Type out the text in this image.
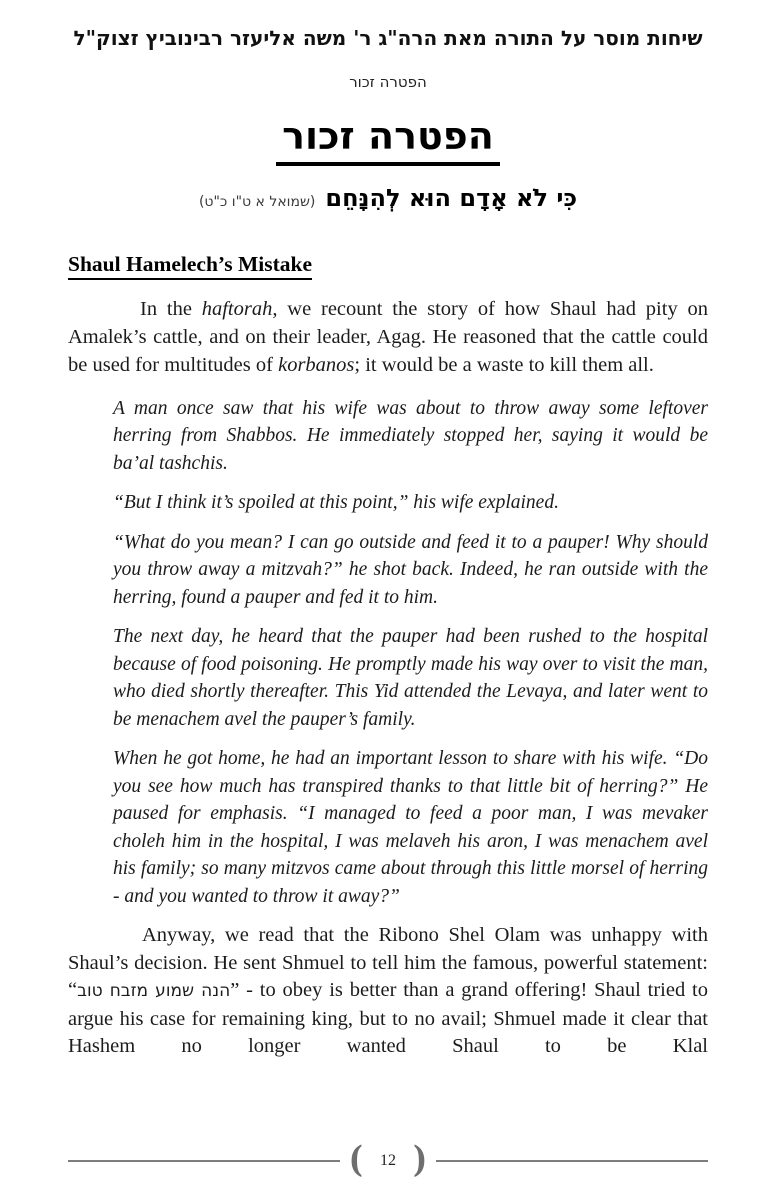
שיחות מוסר על התורה מאת הרה"ג ר' משה אליעזר רבינוביץ זצוק"ל
הפטרה זכור
הפטרה זכור
כִּי לֹא אָדָם הוּא לְהִנָּחֵם (שמואל א ט"ו כ"ט)
Shaul Hamelech’s Mistake

In the haftorah, we recount the story of how Shaul had pity on Amalek’s cattle, and on their leader, Agag. He reasoned that the cattle could be used for multitudes of korbanos; it would be a waste to kill them all.

A man once saw that his wife was about to throw away some leftover herring from Shabbos. He immediately stopped her, saying it would be ba’al tashchis.

“But I think it’s spoiled at this point,” his wife explained.

“What do you mean? I can go outside and feed it to a pauper! Why should you throw away a mitzvah?” he shot back. Indeed, he ran outside with the herring, found a pauper and fed it to him.

The next day, he heard that the pauper had been rushed to the hospital because of food poisoning. He promptly made his way over to visit the man, who died shortly thereafter. This Yid attended the Levaya, and later went to be menachem avel the pauper’s family.

When he got home, he had an important lesson to share with his wife. “Do you see how much has transpired thanks to that little bit of herring?” He paused for emphasis. “I managed to feed a poor man, I was mevaker choleh him in the hospital, I was melaveh his aron, I was menachem avel his family; so many mitzvos came about through this little morsel of herring - and you wanted to throw it away?”

Anyway, we read that the Ribono Shel Olam was unhappy with Shaul’s decision. He sent Shmuel to tell him the famous, powerful statement: “הנה שמוע מזבח טוב” - to obey is better than a grand offering! Shaul tried to argue his case for remaining king, but to no avail; Shmuel made it clear that Hashem no longer wanted Shaul to be Klal

(	12 )
